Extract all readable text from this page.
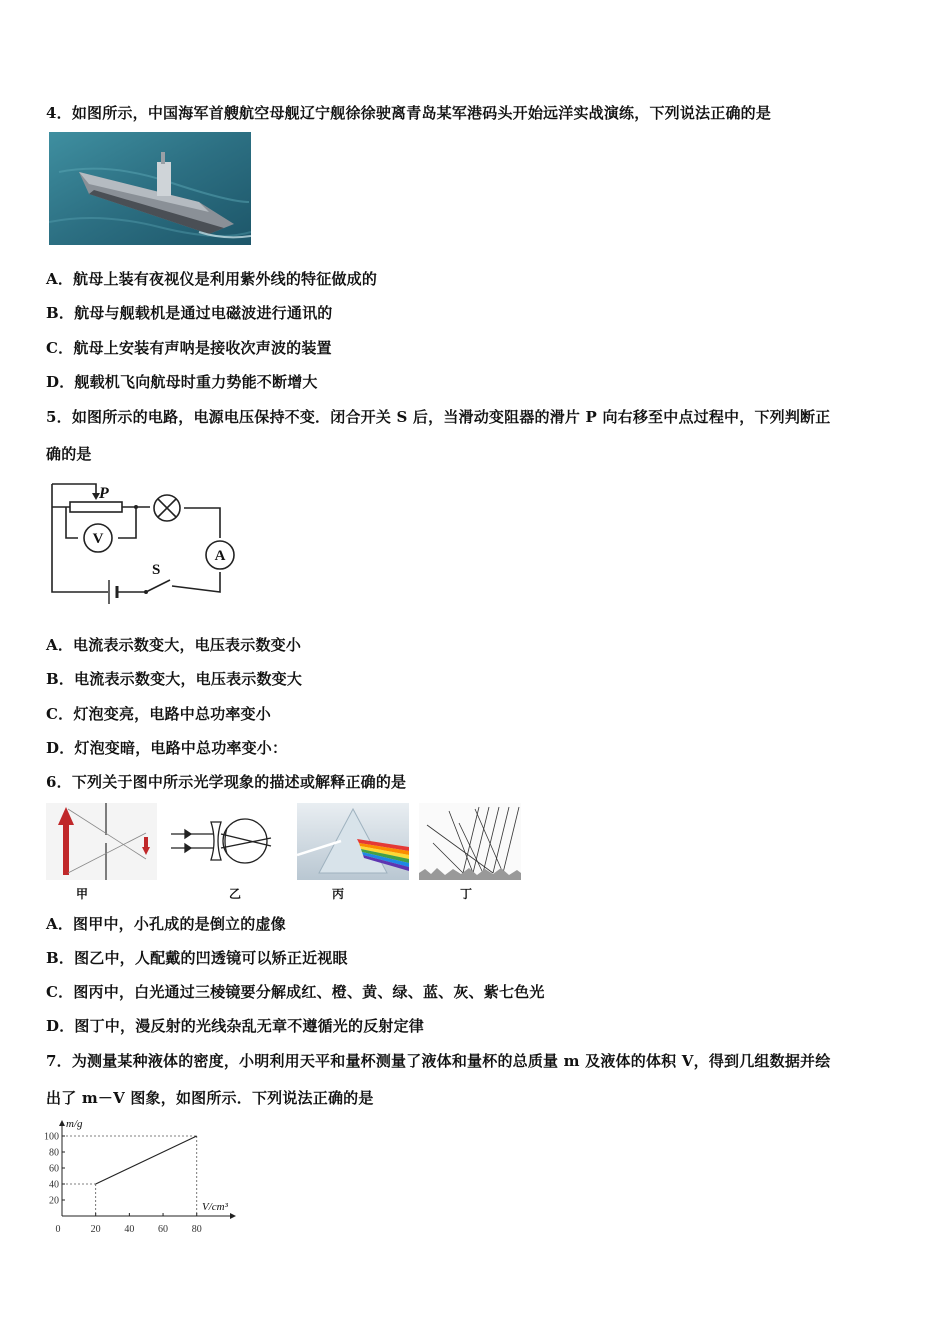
4．如图所示，中国海军首艘航空母舰辽宁舰徐徐驶离青岛某军港码头开始远洋实战演练，下列说法正确的是
A．航母上装有夜视仪是利用紫外线的特征做成的
B．航母与舰载机是通过电磁波进行通讯的
C．航母上安装有声呐是接收次声波的装置
D．舰载机飞向航母时重力势能不断增大
5．如图所示的电路，电源电压保持不变．闭合开关 S 后，当滑动变阻器的滑片 P 向右移至中点过程中，下列判断正
确的是
P
V
A
S
A．电流表示数变大，电压表示数变小
B．电流表示数变大，电压表示数变大
C．灯泡变亮，电路中总功率变小
D．灯泡变暗，电路中总功率变小：
6．下列关于图中所示光学现象的描述或解释正确的是
甲	乙	丙	丁
A．图甲中，小孔成的是倒立的虚像
B．图乙中，人配戴的凹透镜可以矫正近视眼
C．图丙中，白光通过三棱镜要分解成红、橙、黄、绿、蓝、灰、紫七色光
D．图丁中，漫反射的光线杂乱无章不遵循光的反射定律
7．为测量某种液体的密度，小明利用天平和量杯测量了液体和量杯的总质量 m 及液体的体积 V，得到几组数据并绘
出了 m－V 图象，如图所示．下列说法正确的是
0	20 40 60 80
20
40
60
80
100
m/g
V/cm³
